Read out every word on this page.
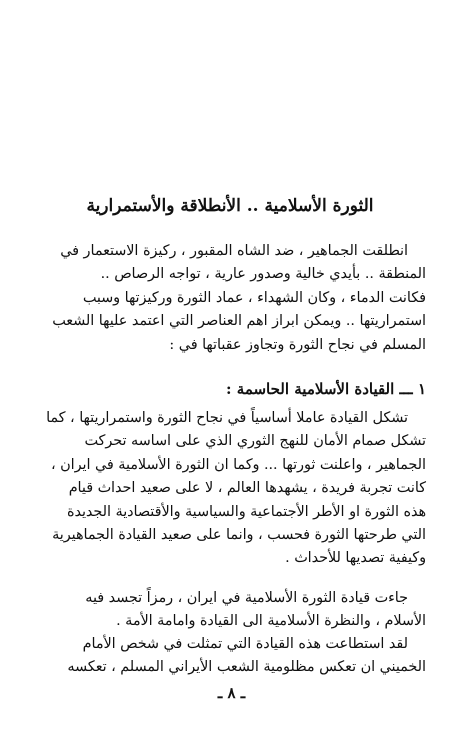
الثورة الأسلامية .. الأنطلاقة والأستمرارية
انطلقت الجماهير ، ضد الشاه المقبور ، ركيزة الاستعمار في
المنطقة .. بأيدي خالية وصدور عارية ، تواجه الرصاص ..
فكانت الدماء ، وكان الشهداء ، عماد الثورة وركيزتها وسبب
استمراريتها .. ويمكن ابراز اهم العناصر التي اعتمد عليها الشعب
المسلم في نجاح الثورة وتجاوز عقباتها في :
١ ـــ القيادة الأسلامية الحاسمة :
تشكل القيادة عاملا أساسياً في نجاح الثورة واستمراريتها ، كما
تشكل صمام الأمان للنهج الثوري الذي على اساسه تحركت
الجماهير ، واعلنت ثورتها ... وكما ان الثورة الأسلامية في ايران ،
كانت تجربة فريدة ، يشهدها العالم ، لا على صعيد احداث قيام
هذه الثورة او الأطر الأجتماعية والسياسية والأقتصادية الجديدة
التي طرحتها الثورة فحسب ، وانما على صعيد القيادة الجماهيرية
وكيفية تصديها للأحداث .
جاءت قيادة الثورة الأسلامية في ايران ، رمزاً تجسد فيه
الأسلام ، والنظرة الأسلامية الى القيادة وامامة الأمة .
لقد استطاعت هذه القيادة التي تمثلت في شخص الأمام
الخميني ان تعكس مظلومية الشعب الأيراني المسلم ، تعكسه
ـ ٨ ـ
